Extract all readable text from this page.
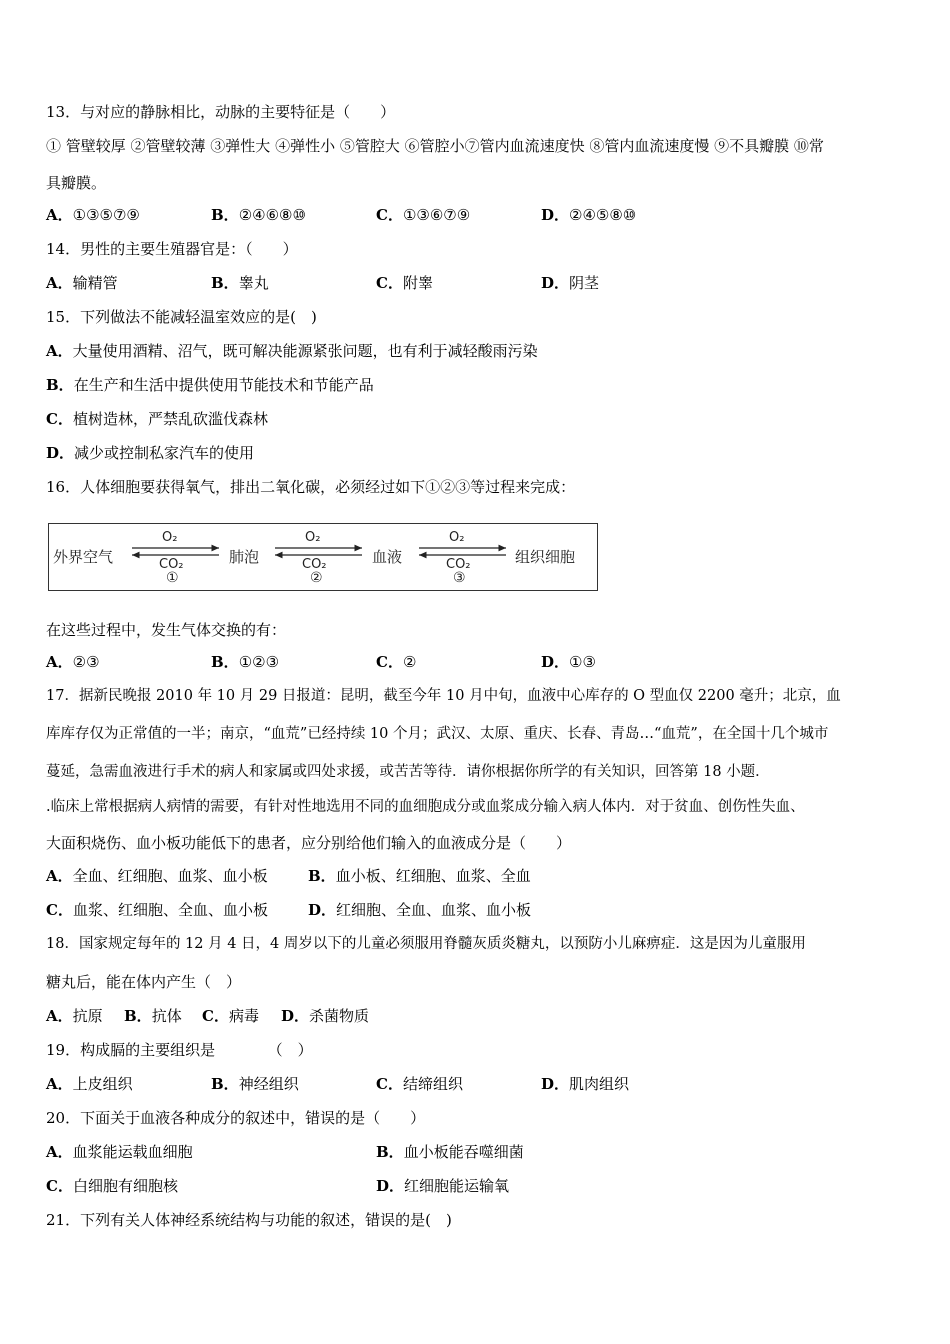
13．与对应的静脉相比，动脉的主要特征是（　　）
① 管壁较厚 ②管壁较薄 ③弹性大 ④弹性小 ⑤管腔大 ⑥管腔小⑦管内血流速度快 ⑧管内血流速度慢 ⑨不具瓣膜 ⑩常
具瓣膜。
A．①③⑤⑦⑨	B．②④⑥⑧⑩	C．①③⑥⑦⑨	D．②④⑤⑧⑩
14．男性的主要生殖器官是：（　　）
A．输精管	B．睾丸	C．附睾	D．阴茎
15．下列做法不能减轻温室效应的是(　)
A．大量使用酒精、沼气，既可解决能源紧张问题，也有利于减轻酸雨污染
B．在生产和生活中提供使用节能技术和节能产品
C．植树造林，严禁乱砍滥伐森林
D．减少或控制私家汽车的使用
16．人体细胞要获得氧气，排出二氧化碳，必须经过如下①②③等过程来完成：
外界空气	肺泡	血液	组织细胞
O₂
CO₂
①
O₂
CO₂
②
O₂
CO₂
③
在这些过程中，发生气体交换的有：
A．②③	B．①②③	C．②	D．①③
17．据新民晚报 2010 年 10 月 29 日报道：昆明，截至今年 10 月中旬，血液中心库存的 O 型血仅 2200 毫升；北京，血
库库存仅为正常值的一半；南京，“血荒”已经持续 10 个月；武汉、太原、重庆、长春、青岛…“血荒”，在全国十几个城市
蔓延，急需血液进行手术的病人和家属或四处求援，或苦苦等待．请你根据你所学的有关知识，回答第 18 小题．
.临床上常根据病人病情的需要，有针对性地选用不同的血细胞成分或血浆成分输入病人体内．对于贫血、创伤性失血、
大面积烧伤、血小板功能低下的患者，应分别给他们输入的血液成分是（　　）
A．全血、红细胞、血浆、血小板	B．血小板、红细胞、血浆、全血
C．血浆、红细胞、全血、血小板	D．红细胞、全血、血浆、血小板
18．国家规定每年的 12 月 4 日，4 周岁以下的儿童必须服用脊髓灰质炎糖丸，以预防小儿麻痹症．这是因为儿童服用
糖丸后，能在体内产生（　）
A．抗原 B．抗体 C．病毒 D．杀菌物质
19．构成膈的主要组织是　　　　（　）
A．上皮组织	B．神经组织	C．结缔组织	D．肌肉组织
20．下面关于血液各种成分的叙述中，错误的是（　　）
A．血浆能运载血细胞	B．血小板能吞噬细菌
C．白细胞有细胞核	D．红细胞能运输氧
21．下列有关人体神经系统结构与功能的叙述，错误的是(　)
